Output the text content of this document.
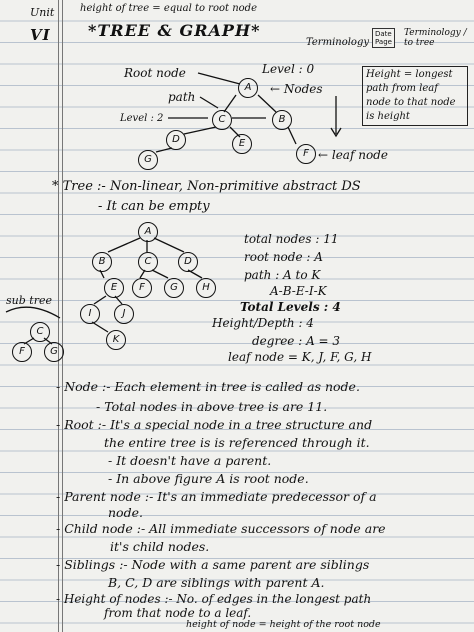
Unit
VI
height of tree = equal to root node
*TREE & GRAPH*
Terminology
Date
Page
Terminology / to tree
Root node	Level : 0
path
← Nodes
Level : 2
← leaf node
Height = longest path from leaf node to that node is height
A
B
C
D	E
F
G
* Tree :- Non-linear, Non-primitive abstract DS
- It can be empty
A
B	C	D
E	F	G	H
I	J
K
sub tree
C
F	G
total nodes : 11
root node : A
path : A to K
A-B-E-I-K
Total Levels : 4
Height/Depth : 4
degree : A = 3
leaf node = K, J, F, G, H
- Node :- Each element in tree is called as node.
- Total nodes in above tree is are 11.
- Root :- It's a special node in a tree structure and
the entire tree is is referenced through it.
- It doesn't have a parent.
- In above figure A is root node.
- Parent node :- It's an immediate predecessor of a
node.
- Child node :- All immediate successors of node are
it's child nodes.
- Siblings :- Node with a same parent are siblings
B, C, D are siblings with parent A.
- Height of nodes :- No. of edges in the longest path
from that node to a leaf.
height of node = height of the root node
